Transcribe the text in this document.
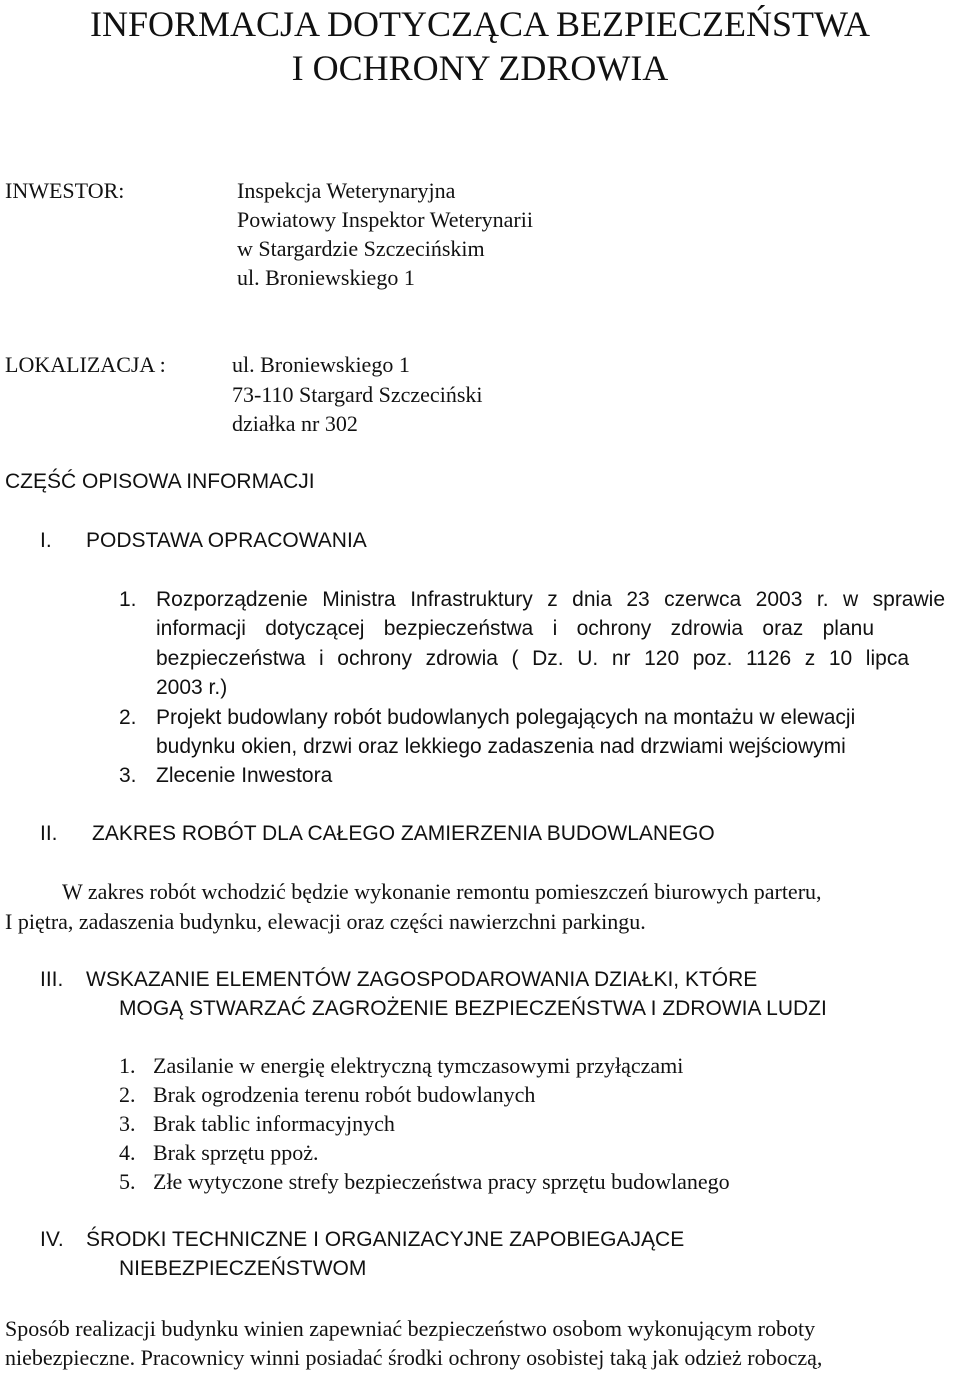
INFORMACJA DOTYCZĄCA BEZPIECZEŃSTWA
I OCHRONY ZDROWIA
INWESTOR:	Inspekcja Weterynaryjna
Powiatowy Inspektor Weterynarii
w Stargardzie Szczecińskim
ul. Broniewskiego 1
LOKALIZACJA :	ul. Broniewskiego 1
73-110 Stargard Szczeciński
działka nr 302
CZĘŚĆ OPISOWA INFORMACJI
I. PODSTAWA OPRACOWANIA
1. Rozporządzenie Ministra Infrastruktury z dnia 23 czerwca 2003 r. w sprawie
informacji dotyczącej bezpieczeństwa i ochrony zdrowia oraz planu
bezpieczeństwa i ochrony zdrowia ( Dz. U. nr 120 poz. 1126 z 10 lipca
2003 r.)
2. Projekt budowlany robót budowlanych polegających na montażu w elewacji
budynku okien, drzwi oraz lekkiego zadaszenia nad drzwiami wejściowymi
3. Zlecenie Inwestora
II. ZAKRES ROBÓT DLA CAŁEGO ZAMIERZENIA BUDOWLANEGO
W zakres robót wchodzić będzie wykonanie remontu pomieszczeń biurowych parteru,
I piętra, zadaszenia budynku, elewacji oraz części nawierzchni parkingu.
III. WSKAZANIE ELEMENTÓW ZAGOSPODAROWANIA DZIAŁKI, KTÓRE
MOGĄ STWARZAĆ ZAGROŻENIE BEZPIECZEŃSTWA I ZDROWIA LUDZI
1. Zasilanie w energię elektryczną tymczasowymi przyłączami
2. Brak ogrodzenia terenu robót budowlanych
3. Brak tablic informacyjnych
4. Brak sprzętu ppoż.
5. Złe wytyczone strefy bezpieczeństwa pracy sprzętu budowlanego
IV. ŚRODKI TECHNICZNE I ORGANIZACYJNE ZAPOBIEGAJĄCE
NIEBEZPIECZEŃSTWOM
Sposób realizacji budynku winien zapewniać bezpieczeństwo osobom wykonującym roboty
niebezpieczne. Pracownicy winni posiadać środki ochrony osobistej taką jak odzież roboczą,
